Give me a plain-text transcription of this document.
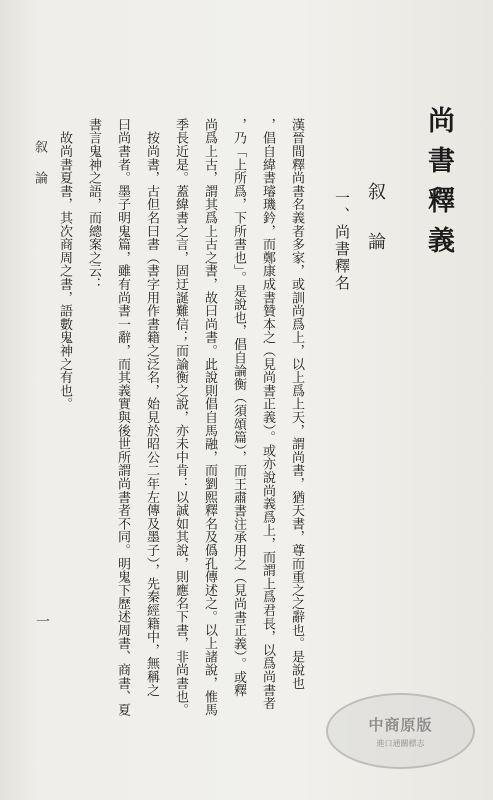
尚書釋義
叙論
一、尚書釋名
漢晉間釋尚書名義者多家，或訓尚爲上，以上爲上天，謂尚書，猶天書，尊而重之之辭也。是說也
，倡自緯書璿璣鈐，而鄭康成書贊本之（見尚書正義）。或亦說尚義爲上，而謂上爲君長，以爲尚書者
，乃「上所爲，下所書也」。是說也，倡自論衡（須頌篇），而王肅書注承用之（見尚書正義）。或釋
尚爲上古，謂其爲上古之書，故曰尚書。此說則倡自馬融，而劉熙釋名及僞孔傳述之。以上諸說，惟馬
季長近是。蓋緯書之言，固迂誕難信；而論衡之說，亦未中肯：以誠如其說，則應名下書，非尚書也。
　按尚書，古但名曰書（書字用作書籍之泛名，始見於昭公二年左傳及墨子），先秦經籍中，無稱之
曰尚書者。墨子明鬼篇，雖有尚書一辭，而其義實與後世所謂尚書者不同。明鬼下歷述周書、商書、夏
書言鬼神之語，而總案之云：
　故尚書夏書，其次商周之書，語數鬼神之有也。
叙論
一
中商原版
進口通關標志
